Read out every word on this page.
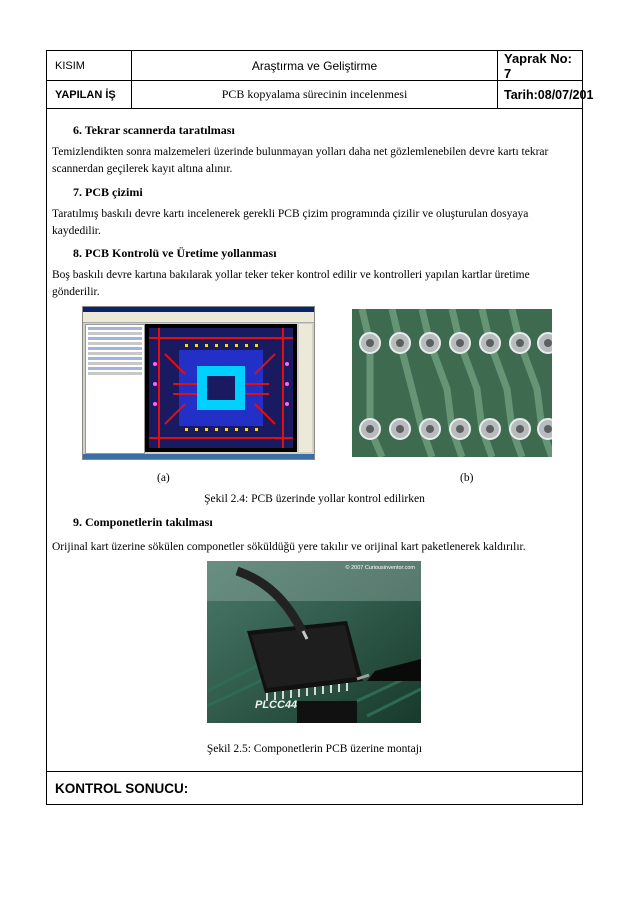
KISIM	Araştırma ve Geliştirme	Yaprak No: 7
YAPILAN İŞ	PCB kopyalama sürecinin incelenmesi	Tarih:08/07/201
6. Tekrar scannerda taratılması
Temizlendikten sonra malzemeleri üzerinde bulunmayan yolları daha net gözlemlenebilen devre kartı tekrar scannerdan geçilerek kayıt altına alınır.
7. PCB çizimi
Taratılmış baskılı devre kartı incelenerek gerekli PCB çizim programında çizilir ve oluşturulan dosyaya kaydedilir.
8. PCB Kontrolü ve Üretime yollanması
Boş baskılı devre kartına bakılarak yollar teker teker kontrol edilir ve kontrolleri yapılan kartlar üretime gönderilir.
(a)	(b)
Şekil 2.4: PCB üzerinde yollar kontrol edilirken
9. Componetlerin takılması
Orijinal kart üzerine sökülen componetler söküldüğü yere takılır ve orijinal kart paketlenerek kaldırılır.
© 2007 Curiousinventor.com
PLCC44
Şekil 2.5: Componetlerin PCB üzerine montajı
KONTROL SONUCU:
